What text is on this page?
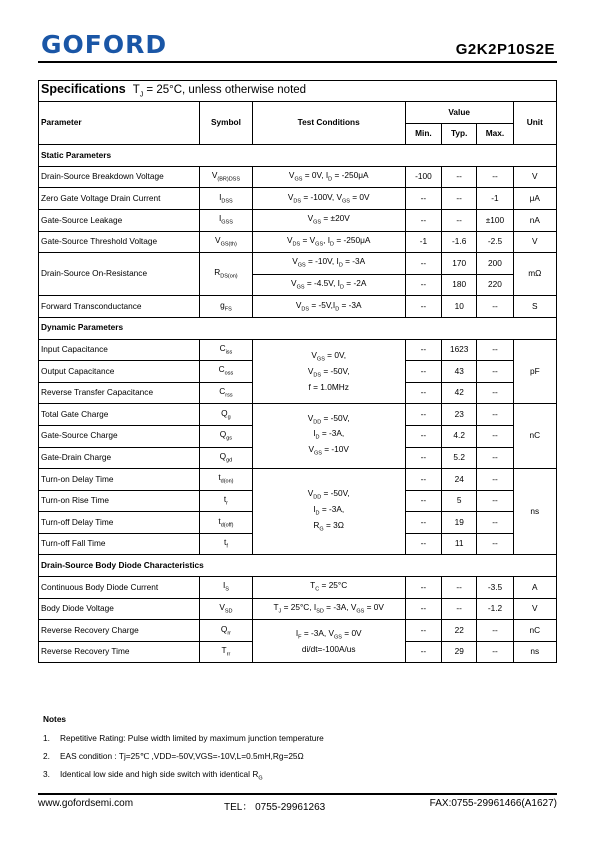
GOFORD	G2K2P10S2E
Specifications $T_J = 25^\circ C$, unless otherwise noted						
Parameter	Symbol	Test Conditions	Value			Unit
			Min.	Typ.	Max.	
Static Parameters						
Drain-Source Breakdown Voltage	$V_{(BR)DSS}$	$V_{GS} = 0V$, $I_D = -250\mu A$	-100	--	--	V
Zero Gate Voltage Drain Current	$I_{DSS}$	$V_{DS} = -100V$, $V_{GS} = 0V$	--	--	-1	μA
Gate-Source Leakage	$I_{GSS}$	$V_{GS} = \pm 20V$	--	--	±100	nA
Gate-Source Threshold Voltage	$V_{GS(th)}$	$V_{DS} = V_{GS}$, $I_D = -250\mu A$	-1	-1.6	-2.5	V
Drain-Source On-Resistance	$R_{DS(on)}$	$V_{GS} = -10V$, $I_D = -3A$	--	170	200	mΩ
		$V_{GS} = -4.5V$, $I_D = -2A$	--	180	220	
Forward Transconductance	$g_{FS}$	$V_{DS} = -5V,I_D = -3A$	--	10	--	S
Dynamic Parameters						
Input Capacitance	$C_{iss}$	$V_{GS} = 0V$,
$V_{DS} = -50V$,
f = 1.0MHz	--	1623	--	pF
Output Capacitance	$C_{oss}$		--	43	--	
Reverse Transfer Capacitance	$C_{rss}$		--	42	--	
Total Gate Charge	$Q_g$	$V_{DD} = -50V$,
$I_D = -3A$,
$V_{GS} = -10V$	--	23	--	nC
Gate-Source Charge	$Q_{gs}$		--	4.2	--	
Gate-Drain Charge	$Q_{gd}$		--	5.2	--	
Turn-on Delay Time	$t_{d(on)}$	$V_{DD} = -50V$,
$I_D = -3A$,
$R_G = 3\Omega$	--	24	--	ns
Turn-on Rise Time	$t_r$		--	5	--	
Turn-off Delay Time	$t_{d(off)}$		--	19	--	
Turn-off Fall Time	$t_f$		--	11	--	
Drain-Source Body Diode Characteristics						
Continuous Body Diode Current	$I_S$	$T_C = 25^\circ C$	--	--	-3.5	A
Body Diode Voltage	$V_{SD}$	$T_J = 25^\circ C$, $I_{SD} = -3A$, $V_{GS} = 0V$	--	--	-1.2	V
Reverse Recovery Charge	$Q_{rr}$	$I_F = -3A$, $V_{GS} = 0V$
di/dt=-100A/us	--	22	--	nC
Reverse Recovery Time	$T_{rr}$		--	29	--	ns
Notes
1.	Repetitive Rating: Pulse width limited by maximum junction temperature
2.	EAS condition : Tj=25℃ ,VDD=-50V,VGS=-10V,L=0.5mH,Rg=25Ω
3.	Identical low side and high side switch with identical $R_G$
www.gofordsemi.com	TEL： 0755-29961263	FAX:0755-29961466(A1627)
